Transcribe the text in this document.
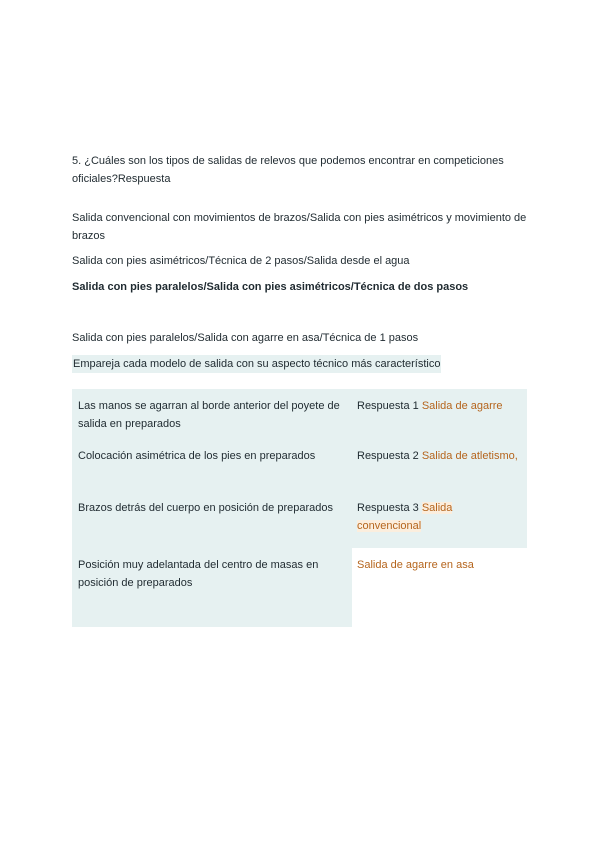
5. ¿Cuáles son los tipos de salidas de relevos que podemos encontrar en competiciones oficiales?Respuesta
Salida convencional con movimientos de brazos/Salida con pies asimétricos y movimiento de brazos
Salida con pies asimétricos/Técnica de 2 pasos/Salida desde el agua
Salida con pies paralelos/Salida con pies asimétricos/Técnica de dos pasos
Salida con pies paralelos/Salida con agarre en asa/Técnica de 1 pasos
Empareja cada modelo de salida con su aspecto técnico más característico
Las manos se agarran al borde anterior del poyete de salida en preparados
Respuesta 1 Salida de agarre
Colocación asimétrica de los pies en preparados	Respuesta 2 Salida de atletismo,
Brazos detrás del cuerpo en posición de preparados	Respuesta 3 Salida convencional
Posición muy adelantada del centro de masas en posición de preparados
Salida de agarre en asa
